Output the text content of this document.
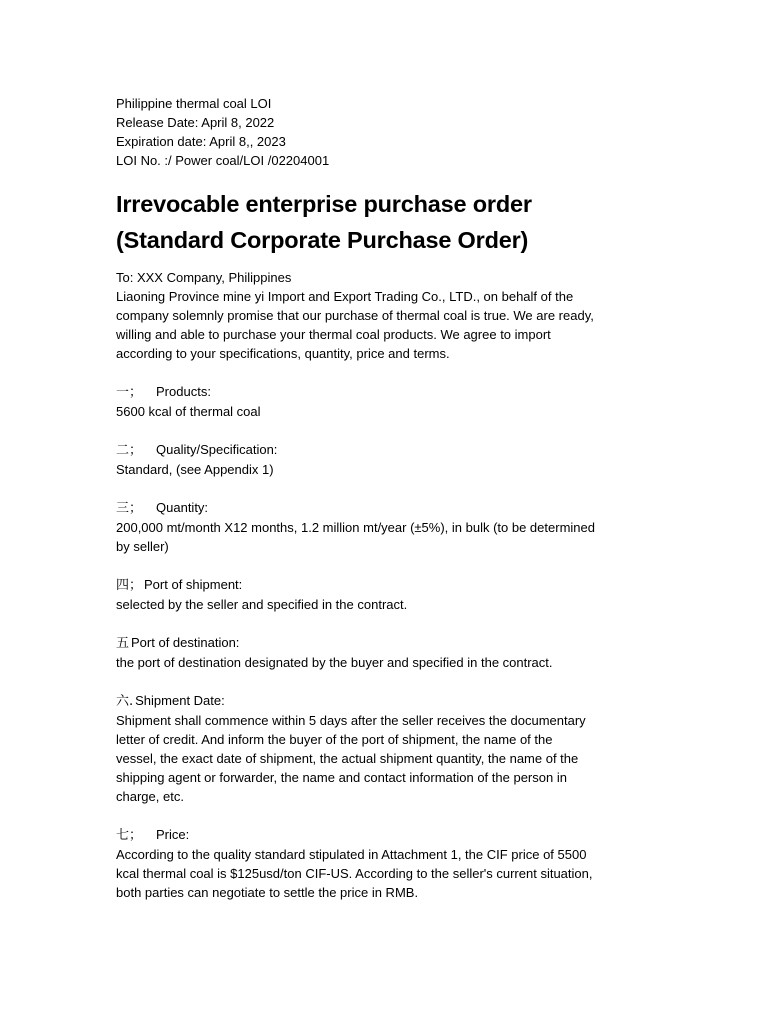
Philippine thermal coal LOI
Release Date: April 8, 2022
Expiration date: April 8,, 2023
LOI No. :/ Power coal/LOI /02204001
Irrevocable enterprise purchase order
(Standard Corporate Purchase Order)
To: XXX Company, Philippines
Liaoning Province mine yi Import and Export Trading Co., LTD., on behalf of the
company solemnly promise that our purchase of thermal coal is true. We are ready,
willing and able to purchase your thermal coal products. We agree to import
according to your specifications, quantity, price and terms.
一； Products:
5600 kcal of thermal coal
二； Quality/Specification:
Standard, (see Appendix 1)
三； Quantity:
200,000 mt/month X12 months, 1.2 million mt/year (±5%), in bulk (to be determined
by seller)
四； Port of shipment:
selected by the seller and specified in the contract.
五 Port of destination:
the port of destination designated by the buyer and specified in the contract.
六. Shipment Date:
Shipment shall commence within 5 days after the seller receives the documentary
letter of credit. And inform the buyer of the port of shipment, the name of the
vessel, the exact date of shipment, the actual shipment quantity, the name of the
shipping agent or forwarder, the name and contact information of the person in
charge, etc.
七； Price:
According to the quality standard stipulated in Attachment 1, the CIF price of 5500
kcal thermal coal is $125usd/ton CIF-US. According to the seller's current situation,
both parties can negotiate to settle the price in RMB.
